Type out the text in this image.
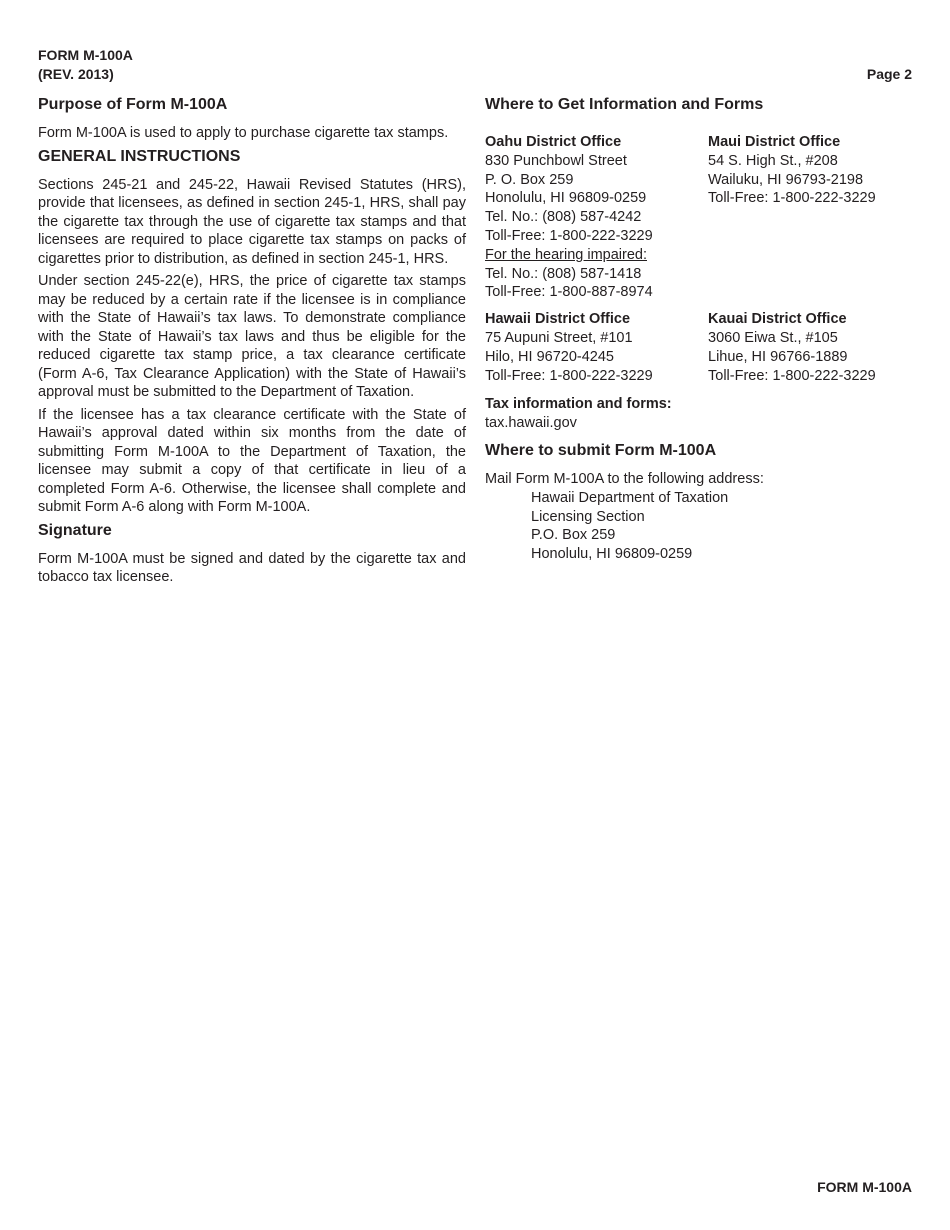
FORM M-100A
(REV. 2013)	Page 2
Purpose of Form M-100A

Form M-100A is used to apply to purchase cigarette tax stamps.

GENERAL INSTRUCTIONS

Sections 245-21 and 245-22, Hawaii Revised Statutes (HRS), provide that licensees, as defined in section 245-1, HRS, shall pay the cigarette tax through the use of cigarette tax stamps and that licensees are required to place cigarette tax stamps on packs of cigarettes prior to distribution, as defined in section 245-1, HRS.

Under section 245-22(e), HRS, the price of cigarette tax stamps may be reduced by a certain rate if the licensee is in compliance with the State of Hawaii’s tax laws. To demonstrate compliance with the State of Hawaii’s tax laws and thus be eligible for the reduced cigarette tax stamp price, a tax clearance certificate (Form A-6, Tax Clearance Application) with the State of Hawaii’s approval must be submitted to the Department of Taxation.

If the licensee has a tax clearance certificate with the State of Hawaii’s approval dated within six months from the date of submitting Form M-100A to the Department of Taxation, the licensee may submit a copy of that certificate in lieu of a completed Form A-6. Otherwise, the licensee shall complete and submit Form A-6 along with Form M-100A.

Signature

Form M-100A must be signed and dated by the cigarette tax and tobacco tax licensee.

Where to Get Information and Forms
Oahu District Office
830 Punchbowl Street
P. O. Box 259
Honolulu, HI 96809-0259
Tel. No.: (808) 587-4242
Toll-Free: 1-800-222-3229
For the hearing impaired:
Tel. No.: (808) 587-1418
Toll-Free: 1-800-887-8974
Maui District Office
54 S. High St., #208
Wailuku, HI 96793-2198
Toll-Free: 1-800-222-3229
Hawaii District Office
75 Aupuni Street, #101
Hilo, HI 96720-4245
Toll-Free: 1-800-222-3229
Kauai District Office
3060 Eiwa St., #105
Lihue, HI 96766-1889
Toll-Free: 1-800-222-3229
Tax information and forms:
tax.hawaii.gov
Where to submit Form M-100A
Mail Form M-100A to the following address:
Hawaii Department of Taxation
Licensing Section
P.O. Box 259
Honolulu, HI 96809-0259
FORM M-100A
